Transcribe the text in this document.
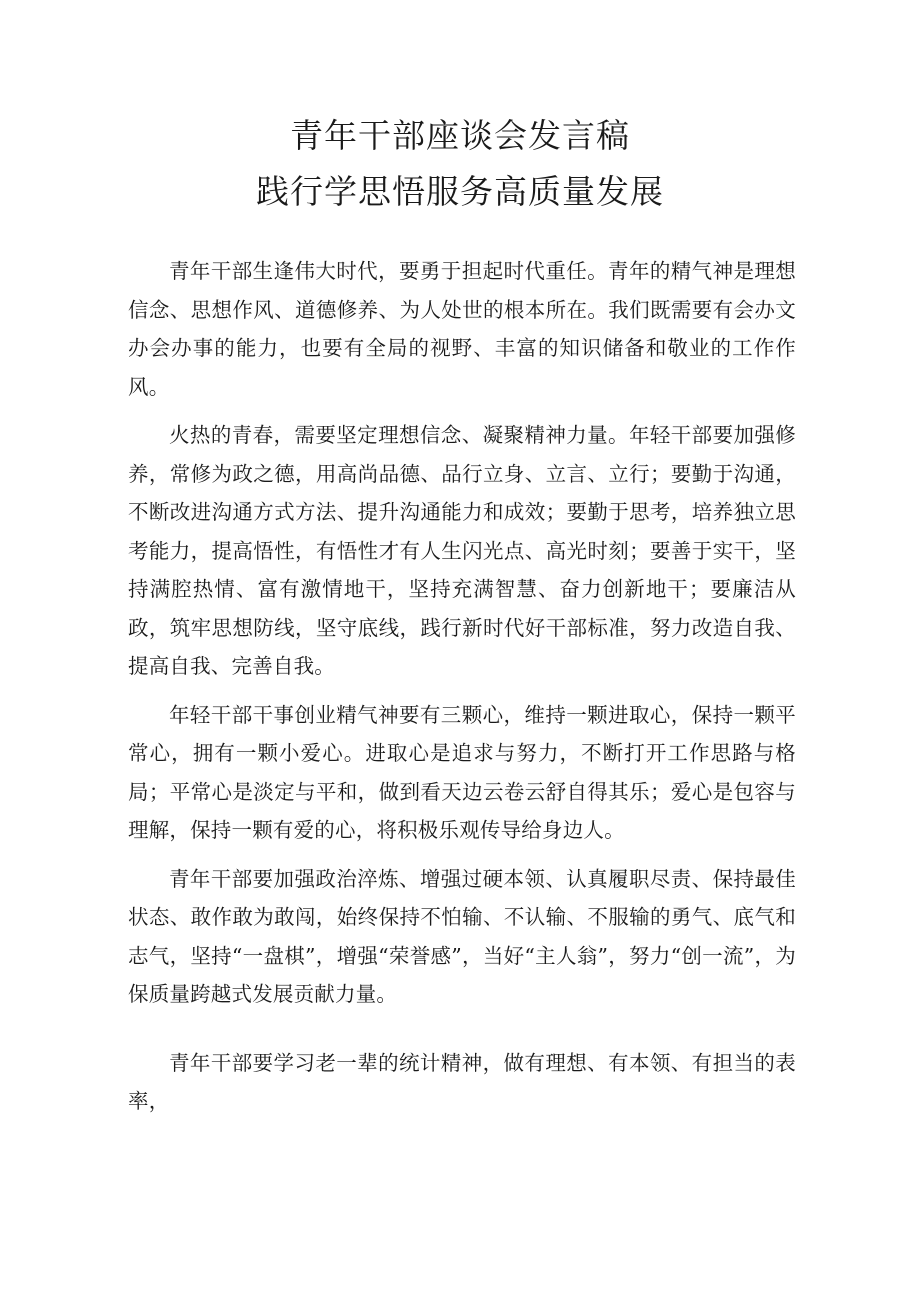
青年干部座谈会发言稿

践行学思悟服务高质量发展

青年干部生逢伟大时代，要勇于担起时代重任。青年的精气神是理想信念、思想作风、道德修养、为人处世的根本所在。我们既需要有会办文办会办事的能力，也要有全局的视野、丰富的知识储备和敬业的工作作风。

火热的青春，需要坚定理想信念、凝聚精神力量。年轻干部要加强修养，常修为政之德，用高尚品德、品行立身、立言、立行；要勤于沟通，不断改进沟通方式方法、提升沟通能力和成效；要勤于思考，培养独立思考能力，提高悟性，有悟性才有人生闪光点、高光时刻；要善于实干，坚持满腔热情、富有激情地干，坚持充满智慧、奋力创新地干；要廉洁从政，筑牢思想防线，坚守底线，践行新时代好干部标准，努力改造自我、提高自我、完善自我。

年轻干部干事创业精气神要有三颗心，维持一颗进取心，保持一颗平常心，拥有一颗小爱心。进取心是追求与努力，不断打开工作思路与格局；平常心是淡定与平和，做到看天边云卷云舒自得其乐；爱心是包容与理解，保持一颗有爱的心，将积极乐观传导给身边人。

青年干部要加强政治淬炼、增强过硬本领、认真履职尽责、保持最佳状态、敢作敢为敢闯，始终保持不怕输、不认输、不服输的勇气、底气和志气，坚持“一盘棋”，增强“荣誉感”，当好“主人翁”，努力“创一流”，为保质量跨越式发展贡献力量。

青年干部要学习老一辈的统计精神，做有理想、有本领、有担当的表率，
